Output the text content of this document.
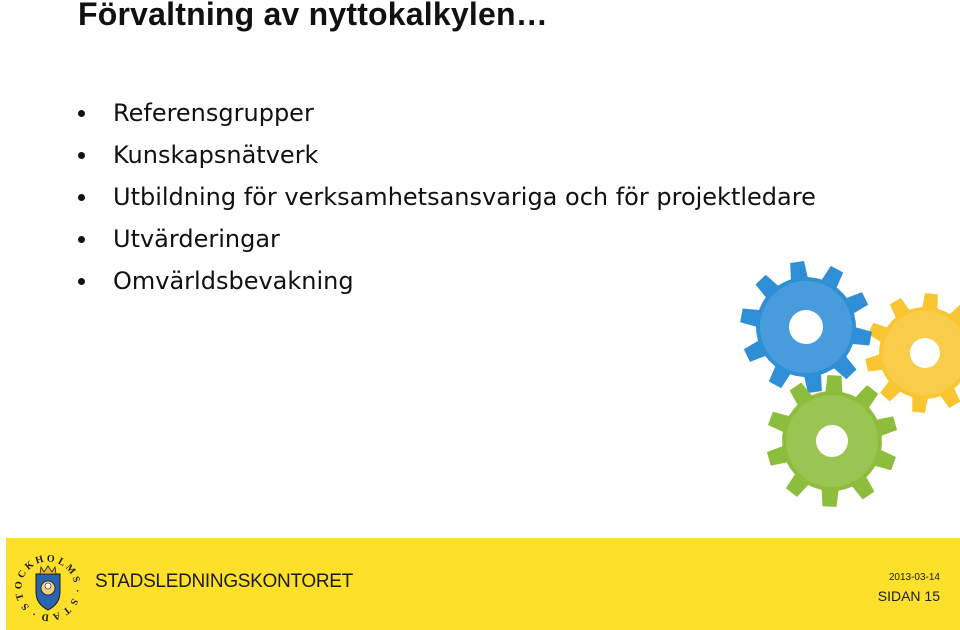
Förvaltning av nyttokalkylen…
Referensgrupper
Kunskapsnätverk
Utbildning för verksamhetsansvariga och för projektledare
Utvärderingar
Omvärldsbevakning
S
T
O
C
K
H O L
M
S
·
S
T
A
D
·
STADSLEDNINGSKONTORET	2013-03-14
SIDAN 15
